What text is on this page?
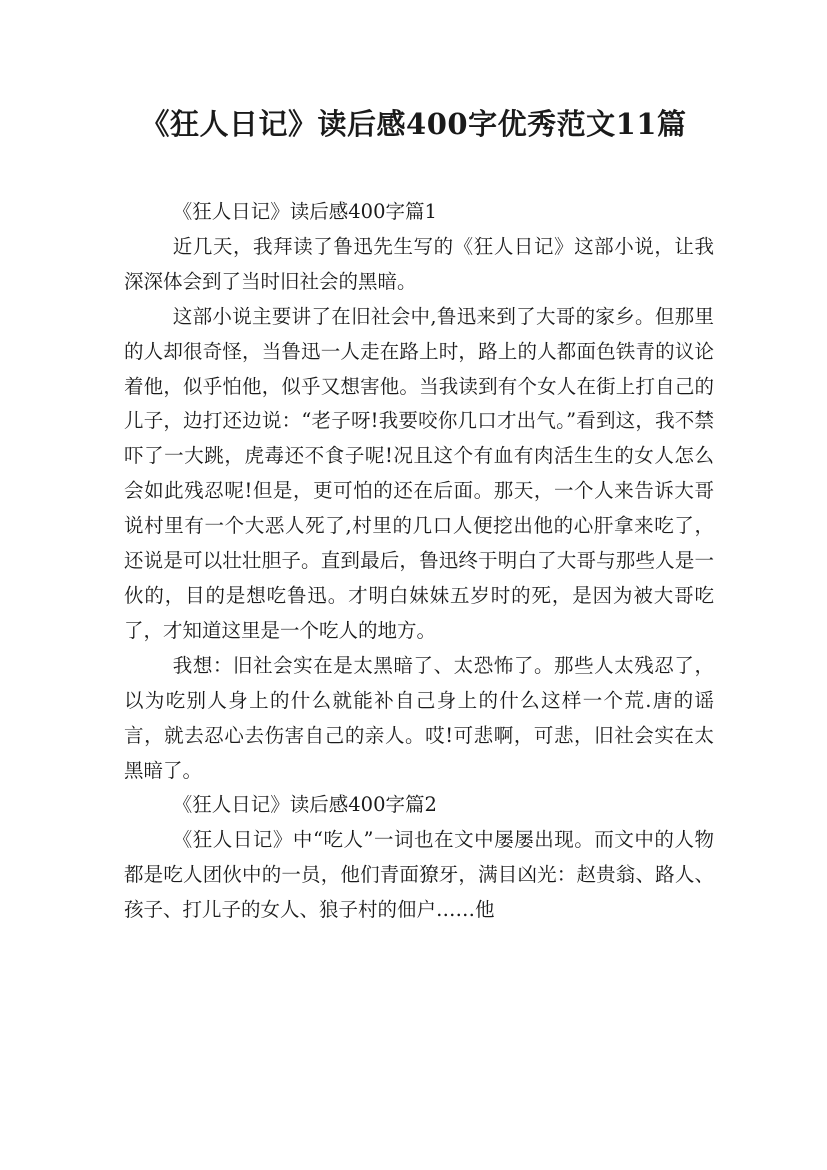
《狂人日记》读后感400字优秀范文11篇

《狂人日记》读后感400字篇1

近几天，我拜读了鲁迅先生写的《狂人日记》这部小说，让我深深体会到了当时旧社会的黑暗。

这部小说主要讲了在旧社会中,鲁迅来到了大哥的家乡。但那里的人却很奇怪，当鲁迅一人走在路上时，路上的人都面色铁青的议论着他，似乎怕他，似乎又想害他。当我读到有个女人在街上打自己的儿子，边打还边说：“老子呀!我要咬你几口才出气。”看到这，我不禁吓了一大跳，虎毒还不食子呢!况且这个有血有肉活生生的女人怎么会如此残忍呢!但是，更可怕的还在后面。那天，一个人来告诉大哥说村里有一个大恶人死了,村里的几口人便挖出他的心肝拿来吃了，还说是可以壮壮胆子。直到最后，鲁迅终于明白了大哥与那些人是一伙的，目的是想吃鲁迅。才明白妹妹五岁时的死，是因为被大哥吃了，才知道这里是一个吃人的地方。

我想：旧社会实在是太黑暗了、太恐怖了。那些人太残忍了，以为吃别人身上的什么就能补自己身上的什么这样一个荒.唐的谣言，就去忍心去伤害自己的亲人。哎!可悲啊，可悲，旧社会实在太黑暗了。

《狂人日记》读后感400字篇2

《狂人日记》中“吃人”一词也在文中屡屡出现。而文中的人物都是吃人团伙中的一员，他们青面獠牙，满目凶光：赵贵翁、路人、孩子、打儿子的女人、狼子村的佃户……他
